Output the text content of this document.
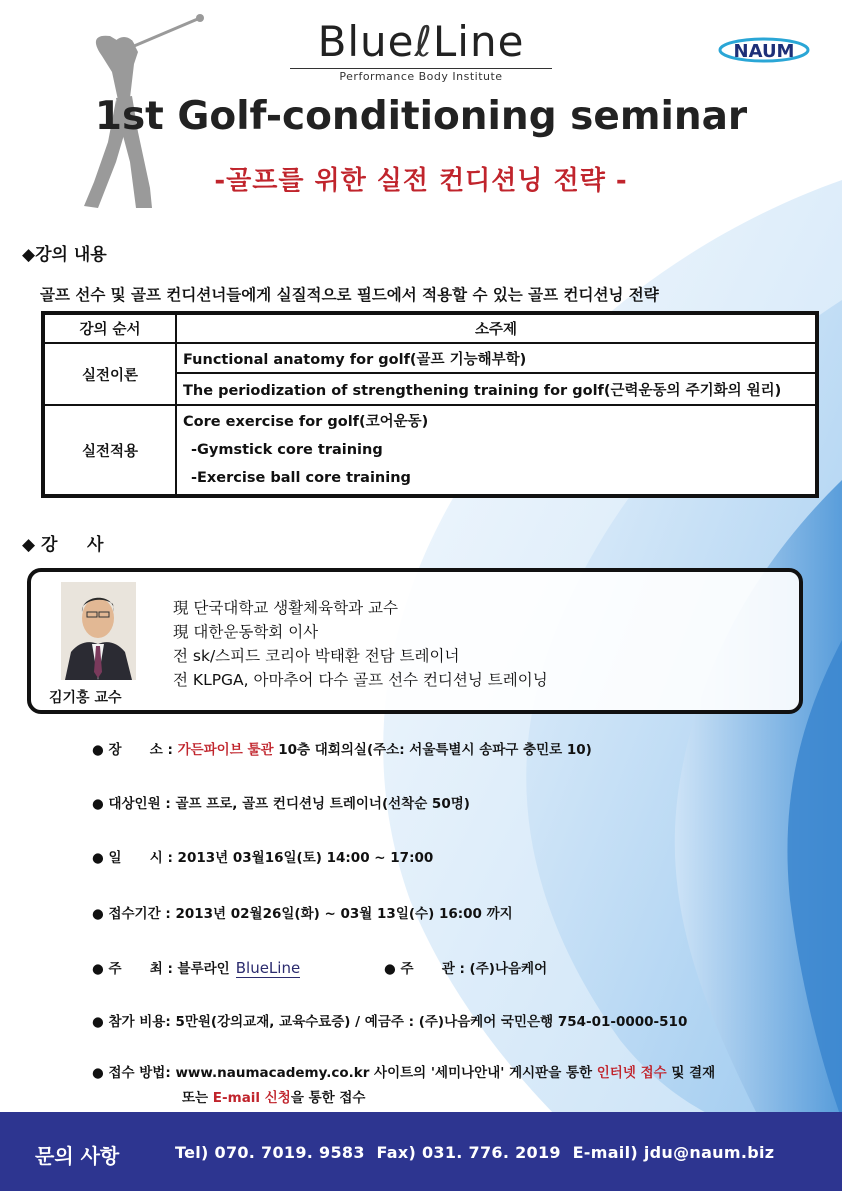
BlueℓLine
Performance Body Institute
NAUM
1st Golf-conditioning seminar
-골프를 위한 실전 컨디션닝 전략 -
◆강의 내용
골프 선수 및 골프 컨디션너들에게 실질적으로 필드에서 적용할 수 있는 골프 컨디션닝 전략
강의 순서	소주제
실전이론	Functional anatomy for golf(골프 기능해부학)
	The periodization of strengthening training for golf(근력운동의 주기화의 원리)
실전적용	Core exercise for golf(코어운동)
-Gymstick core training
-Exercise ball core training
◆ 강     사
김기홍 교수
現 단국대학교 생활체육학과 교수
現 대한운동학회 이사
전 sk/스피드 코리아 박태환 전담 트레이너
전 KLPGA, 아마추어 다수 골프 선수 컨디션닝 트레이닝
● 장      소 : 가든파이브 툴관 10층 대회의실(주소: 서울특별시 송파구 충민로 10)
● 대상인원 : 골프 프로, 골프 컨디션닝 트레이너(선착순 50명)
● 일      시 : 2013년 03월16일(토) 14:00 ~ 17:00
● 접수기간 : 2013년 02월26일(화) ~ 03월 13일(수) 16:00 까지
● 주      최 : 블루라인 BlueLine	● 주      관 : (주)나음케어
● 참가 비용: 5만원(강의교재, 교육수료증) / 예금주 : (주)나음케어 국민은행 754-01-0000-510
● 접수 방법: www.naumacademy.co.kr 사이트의 '세미나안내' 게시판을 통한 인터넷 접수 및 결재
또는 E-mail 신청을 통한 접수
문의 사항	Tel) 070. 7019. 9583  Fax) 031. 776. 2019  E-mail) jdu@naum.biz
